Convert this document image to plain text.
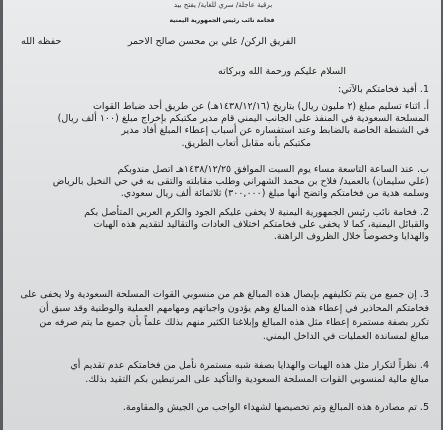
برقية عاجلة/ سري للغاية/ يفتح بيد
فخامة نائب رئيس الجمهورية اليمنية
الفريق الركن/ علي بن محسن صالح الاحمر
حفظه الله
السلام عليكم ورحمة الله وبركاته
1. أفيد فخامتكم بالآتي:
أ. اثناء تسليم مبلغ (٢ مليون ريال) بتاريخ (١٤٣٨/١٢/١٦هـ) عن طريق أحد ضباط القوات
المسلحة السعودية في المنفذ على الجانب اليمني قام مدير مكتبكم بإخراج مبلغ (١٠٠ ألف ريال)
في الشنطة الخاصة بالضابط وعند استفساره عن أسباب إعطاء المبلغ أفاد مدير
مكتبكم بأنه مقابل أتعاب الطريق.
ب. عند الساعة التاسعة مساء يوم السبت الموافق ١٤٣٨/١٢/٢٥هـ اتصل مندوبكم
(علي سليمان) بالعميد/ فلاح بن محمد الشهراني وطلب مقابلته والتقى به في حي النخيل بالرياض
وسلمه هدية من فخامتكم واتضح أنها مبلغ (٣٠٠,٠٠٠) ثلاثمائة ألف ريال سعودي.
2. فخامة نائب رئيس الجمهورية اليمنية لا يخفى عليكم الجود والكرم العربي المتأصل بكم
والقبائل اليمنية، كما لا يخفى على فخامتكم اختلاف العادات والتقاليد لتقديم هذه الهبات
والهدايا وخصوصاً خلال الظروف الراهنة.
3. إن جميع من يتم تكليفهم بإيصال هذه المبالغ هم من منسوبي القوات المسلحة السعودية ولا يخفى على
فخامتكم المحاذير في إعطاء هذه المبالغ وهم يؤدون واجباتهم ومهامهم العملية والوطنية وقد سبق أن
تكرر بصفة مستمرة إعطاء مثل هذه المبالغ وإبلاغنا الكثير منهم بذلك علماً بأن جميع ما يتم صرفه من
مبالغ لمساندة العمليات في الداخل اليمني.
4. نظراً لتكرار مثل هذه الهبات والهدايا بصفة شبه مستمرة نأمل من فخامتكم عدم تقديم أي
مبالغ مالية لمنسوبي القوات المسلحة السعودية والتأكيد على المرتبطين بكم التقيد بذلك.
5. تم مصادرة هذه المبالغ وتم تخصيصها لشهداء الواجب من الجيش والمقاومة.
